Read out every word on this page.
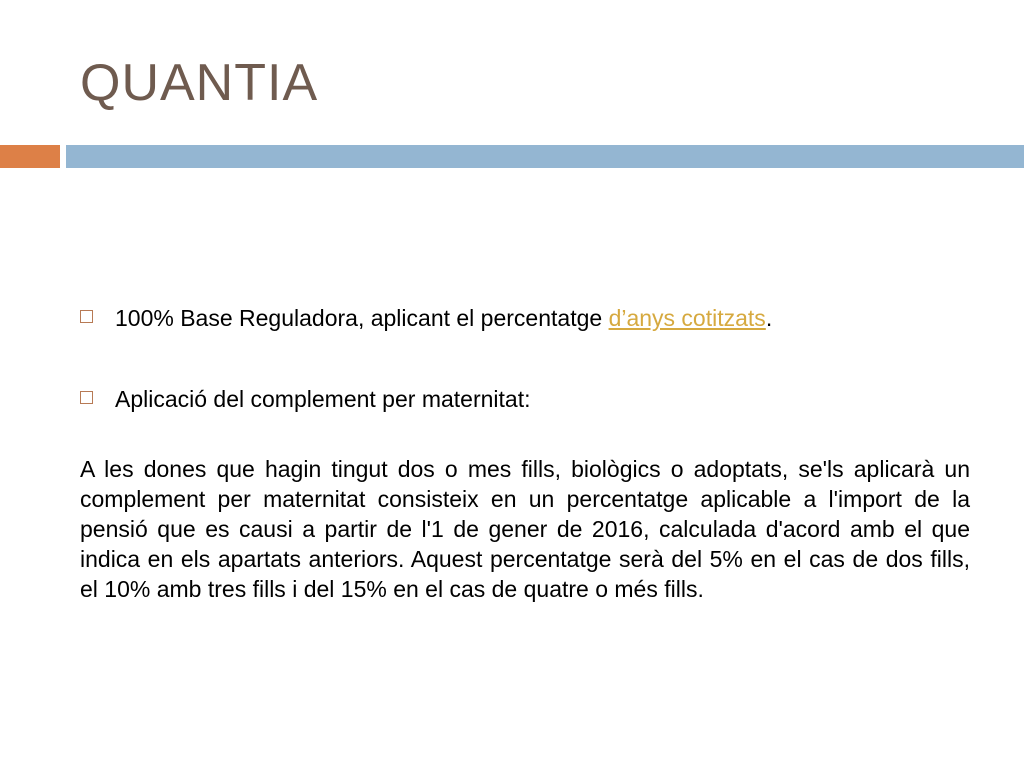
QUANTIA
100% Base Reguladora, aplicant el percentatge d’anys cotitzats.
Aplicació del complement per maternitat:

A les dones que hagin tingut dos o mes fills, biològics o adoptats, se'ls aplicarà un complement per maternitat consisteix en un percentatge aplicable a l'import de la pensió que es causi a partir de l'1 de gener de 2016, calculada d'acord amb el que indica en els apartats anteriors. Aquest percentatge serà del 5% en el cas de dos fills, el 10% amb tres fills i del 15% en el cas de quatre o més fills.
